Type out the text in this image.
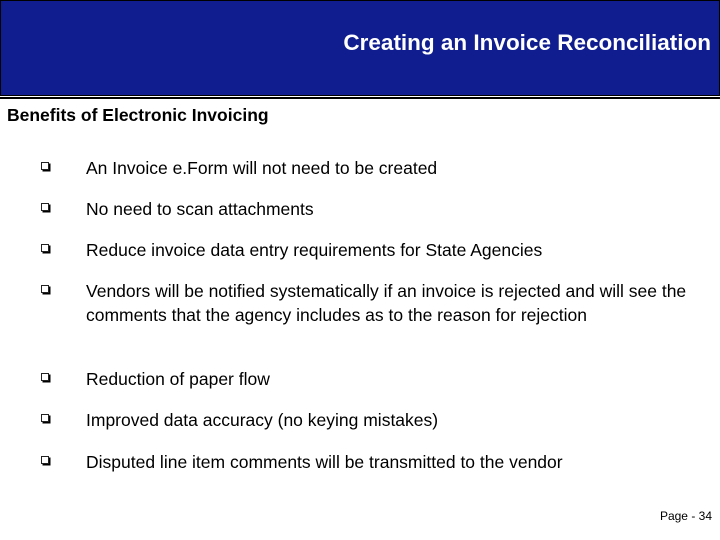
Creating an Invoice Reconciliation
Benefits of Electronic Invoicing
An Invoice e.Form will not need to be created
No need to scan attachments
Reduce invoice data entry requirements for State Agencies
Vendors will be notified systematically if an invoice is rejected and will see the comments that the agency includes as to the reason for rejection
Reduction of paper flow
Improved data accuracy (no keying mistakes)
Disputed line item comments will be transmitted to the vendor
Page - 34
